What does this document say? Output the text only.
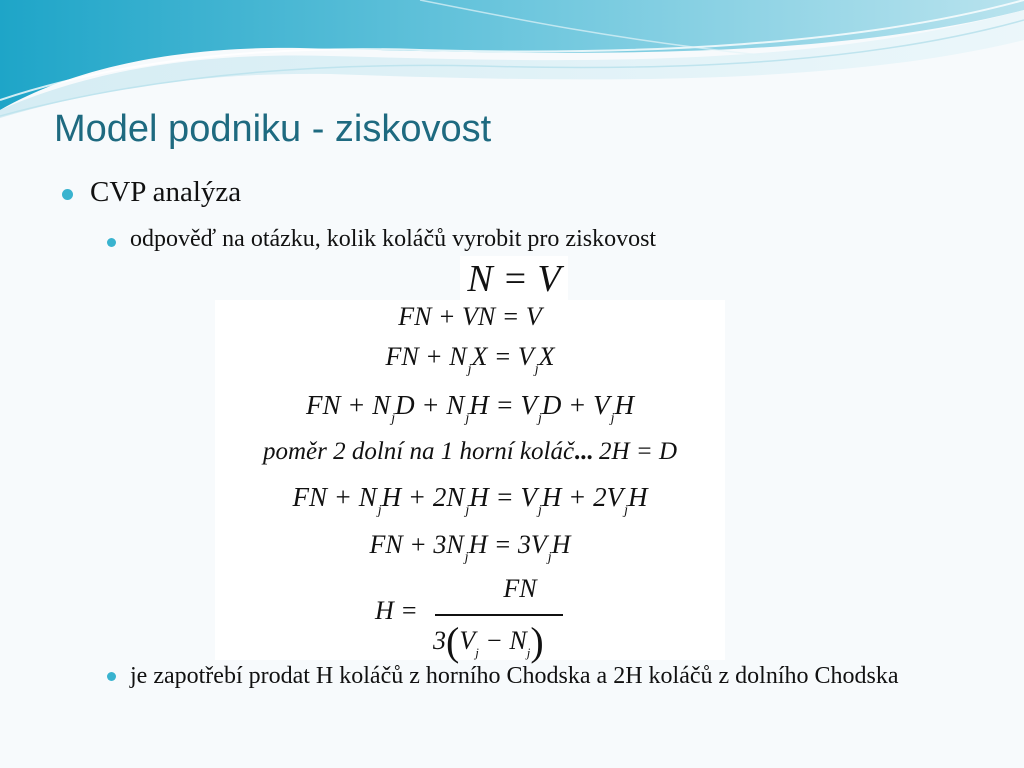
Model podniku - ziskovost
CVP analýza
odpověď na otázku, kolik koláčů vyrobit pro ziskovost
N = V
FN + VN = V
FN + $N_jX = V_jX$
FN + $N_jD + N_jH = V_jD + V_jH$
poměr 2 dolní na 1 horní koláč... 2H = D
FN + $N_jH + 2N_jH = V_jH + 2V_jH$
FN + $3N_jH = 3V_jH$
H =
FN
$3(V_j - N_j)$
je zapotřebí prodat H koláčů z horního Chodska a 2H koláčů z dolního Chodska
